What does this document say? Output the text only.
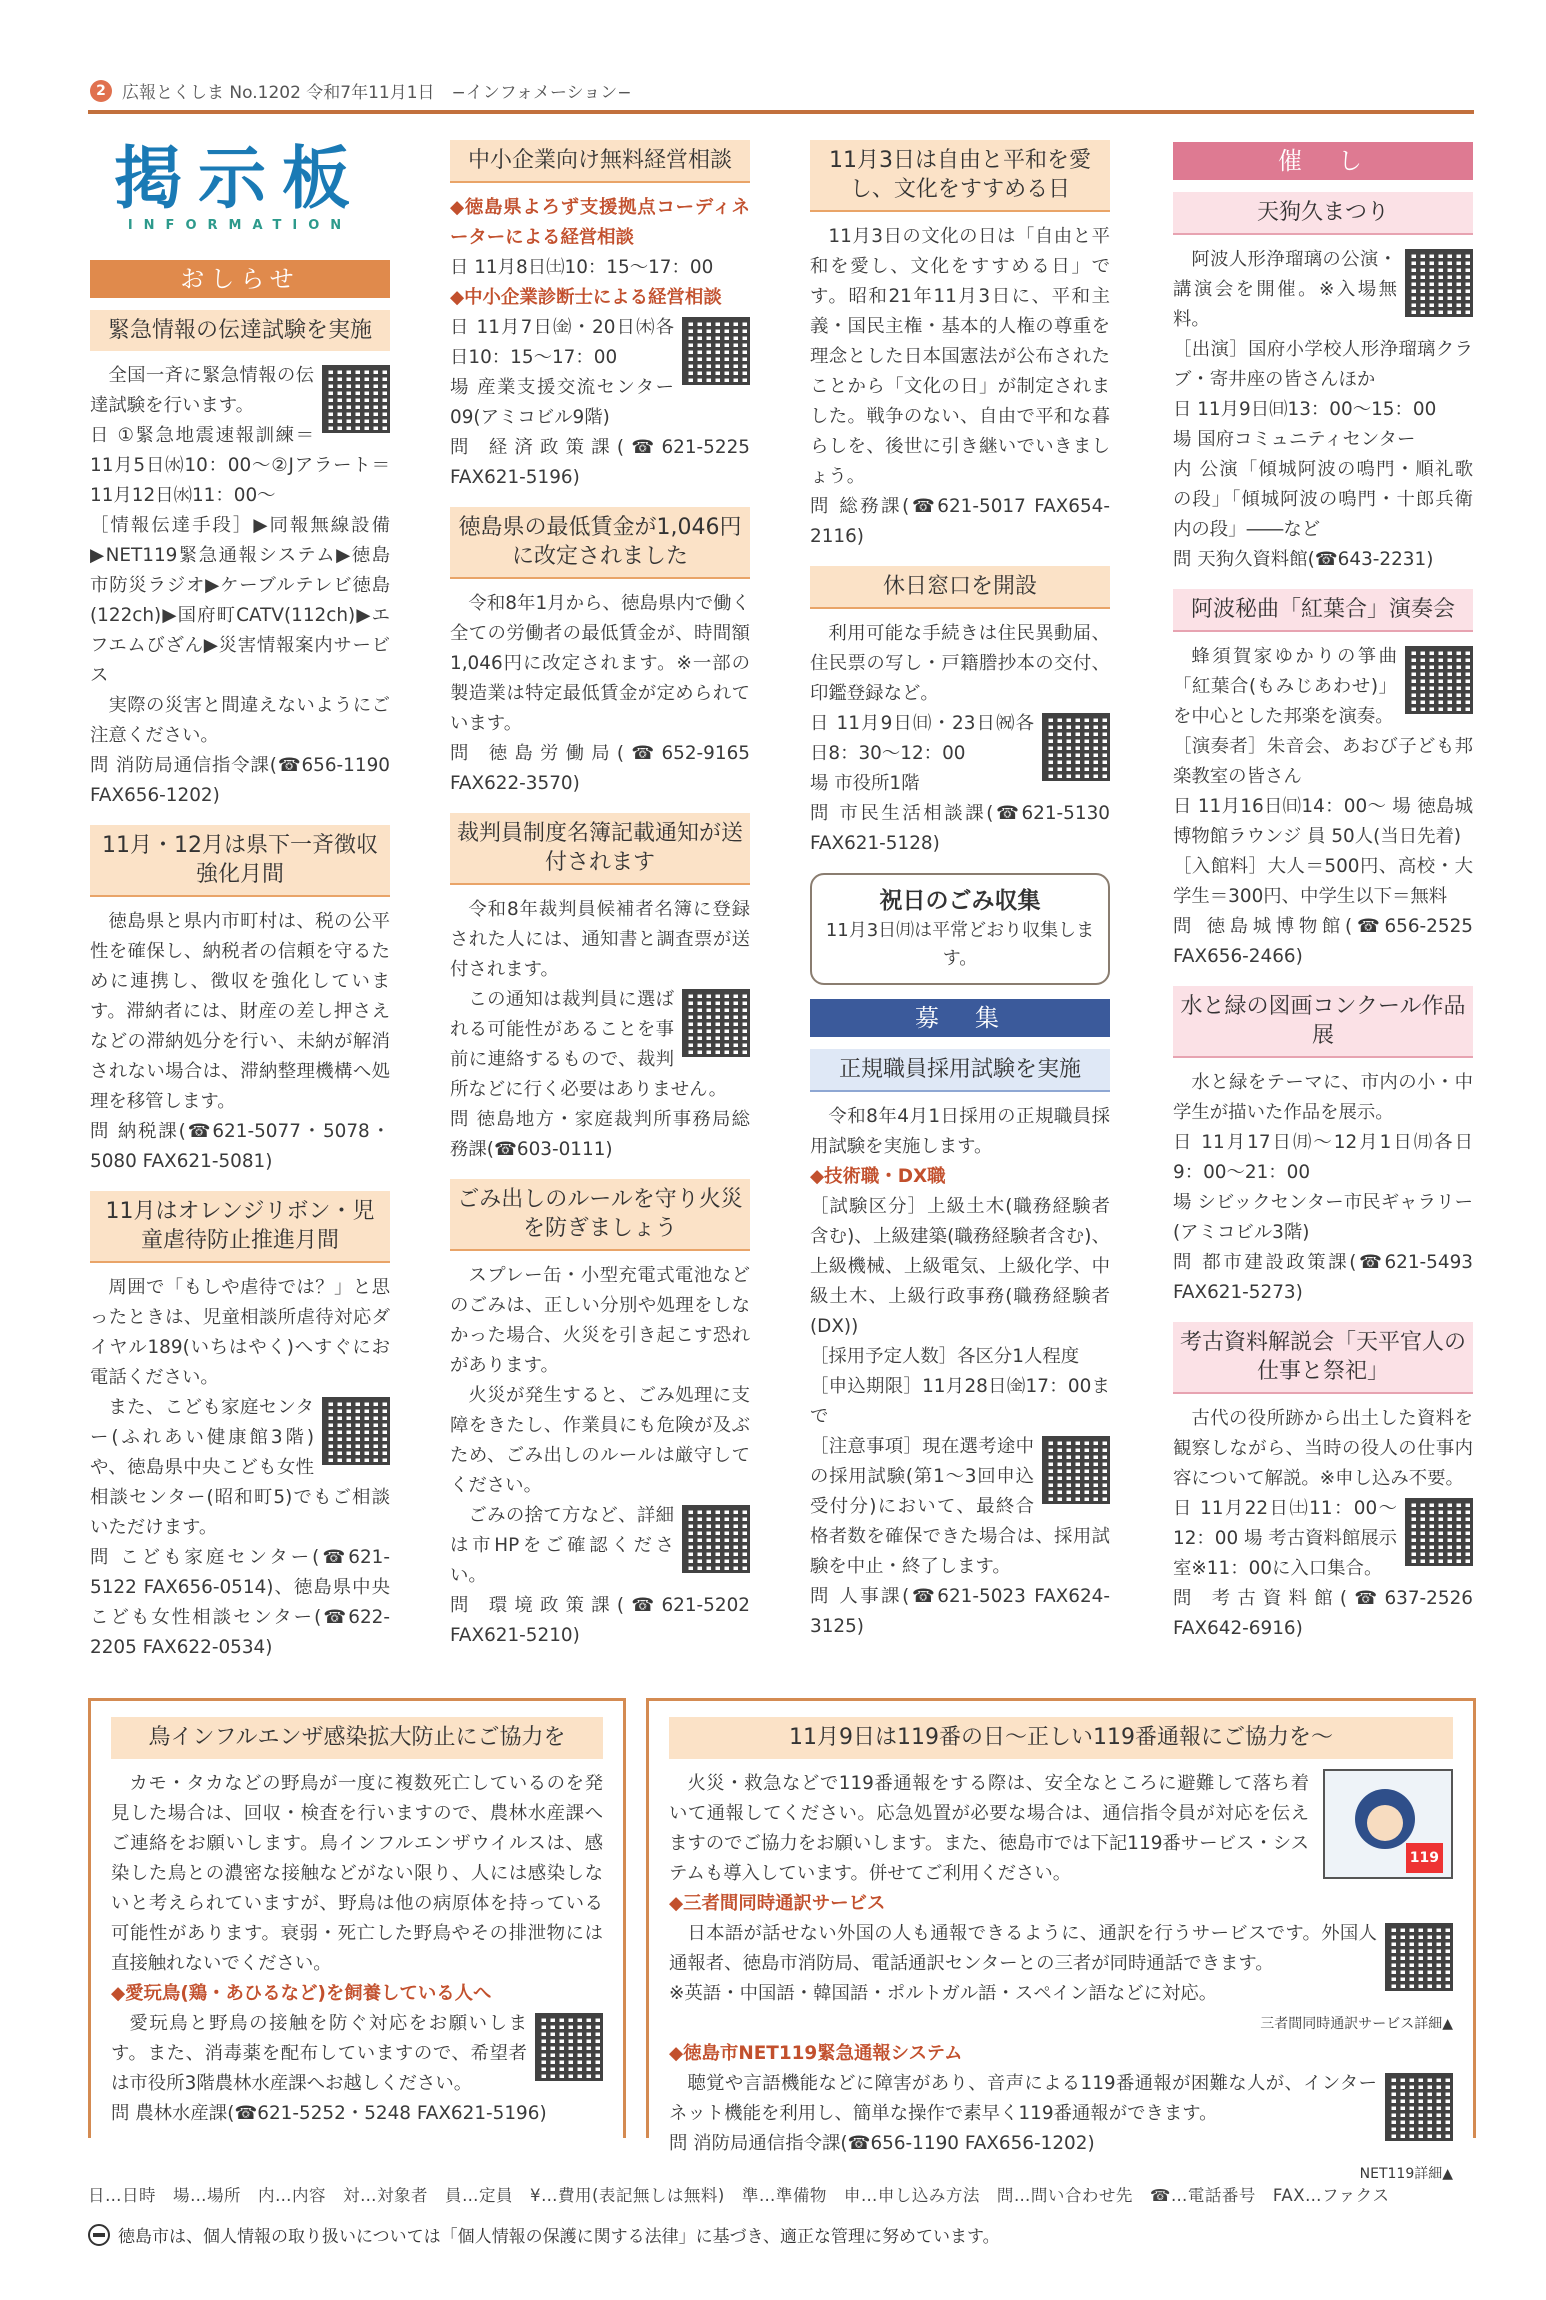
2 広報とくしま No.1202 令和7年11月1日　−インフォメーション−
掲示板
INFORMATION
おしらせ
緊急情報の伝達試験を実施

全国一斉に緊急情報の伝達試験を行います。

日 ①緊急地震速報訓練＝11月5日㈬10：00〜②Jアラート＝11月12日㈬11：00〜

［情報伝達手段］▶同報無線設備▶NET119緊急通報システム▶徳島市防災ラジオ▶ケーブルテレビ徳島(122ch)▶国府町CATV(112ch)▶エフエムびざん▶災害情報案内サービス

実際の災害と間違えないようにご注意ください。

問 消防局通信指令課(☎656-1190 FAX656-1202)

11月・12月は県下一斉徴収強化月間

徳島県と県内市町村は、税の公平性を確保し、納税者の信頼を守るために連携し、徴収を強化しています。滞納者には、財産の差し押さえなどの滞納処分を行い、未納が解消されない場合は、滞納整理機構へ処理を移管します。

問 納税課(☎621-5077・5078・5080 FAX621-5081)

11月はオレンジリボン・児童虐待防止推進月間

周囲で「もしや虐待では？」と思ったときは、児童相談所虐待対応ダイヤル189(いちはやく)へすぐにお電話ください。

また、こども家庭センター(ふれあい健康館3階)や、徳島県中央こども女性相談センター(昭和町5)でもご相談いただけます。

問 こども家庭センター(☎621-5122 FAX656-0514)、徳島県中央こども女性相談センター(☎622-2205 FAX622-0534)

中小企業向け無料経営相談

◆徳島県よろず支援拠点コーディネーターによる経営相談

日 11月8日㈯10：15〜17：00

◆中小企業診断士による経営相談

日 11月7日㈮・20日㈭各日10：15〜17：00

場 産業支援交流センター09(アミコビル9階)

問 経済政策課(☎621-5225 FAX621-5196)

徳島県の最低賃金が1,046円に改定されました

令和8年1月から、徳島県内で働く全ての労働者の最低賃金が、時間額1,046円に改定されます。※一部の製造業は特定最低賃金が定められています。

問 徳島労働局(☎652-9165 FAX622-3570)

裁判員制度名簿記載通知が送付されます

令和8年裁判員候補者名簿に登録された人には、通知書と調査票が送付されます。

この通知は裁判員に選ばれる可能性があることを事前に連絡するもので、裁判所などに行く必要はありません。

問 徳島地方・家庭裁判所事務局総務課(☎603-0111)

ごみ出しのルールを守り火災を防ぎましょう

スプレー缶・小型充電式電池などのごみは、正しい分別や処理をしなかった場合、火災を引き起こす恐れがあります。

火災が発生すると、ごみ処理に支障をきたし、作業員にも危険が及ぶため、ごみ出しのルールは厳守してください。

ごみの捨て方など、詳細は市HPをご確認ください。

問 環境政策課(☎621-5202 FAX621-5210)

11月3日は自由と平和を愛し、文化をすすめる日

11月3日の文化の日は「自由と平和を愛し、文化をすすめる日」です。昭和21年11月3日に、平和主義・国民主権・基本的人権の尊重を理念とした日本国憲法が公布されたことから「文化の日」が制定されました。戦争のない、自由で平和な暮らしを、後世に引き継いでいきましょう。

問 総務課(☎621-5017 FAX654-2116)

休日窓口を開設

利用可能な手続きは住民異動届、住民票の写し・戸籍謄抄本の交付、印鑑登録など。

日 11月9日㈰・23日㈷各日8：30〜12：00

場 市役所1階

問 市民生活相談課(☎621-5130 FAX621-5128)

祝日のごみ収集
11月3日㈪は平常どおり収集します。
募　集
正規職員採用試験を実施

令和8年4月1日採用の正規職員採用試験を実施します。

◆技術職・DX職

［試験区分］上級土木(職務経験者含む)、上級建築(職務経験者含む)、上級機械、上級電気、上級化学、中級土木、上級行政事務(職務経験者(DX))

［採用予定人数］各区分1人程度

［申込期限］11月28日㈮17：00まで

［注意事項］現在選考途中の採用試験(第1〜3回申込受付分)において、最終合格者数を確保できた場合は、採用試験を中止・終了します。

問 人事課(☎621-5023 FAX624-3125)

催　し
天狗久まつり

阿波人形浄瑠璃の公演・講演会を開催。※入場無料。

［出演］国府小学校人形浄瑠璃クラブ・寄井座の皆さんほか

日 11月9日㈰13：00〜15：00

場 国府コミュニティセンター

内 公演「傾城阿波の鳴門・順礼歌の段」「傾城阿波の鳴門・十郎兵衛内の段」――など

問 天狗久資料館(☎643-2231)

阿波秘曲「紅葉合」演奏会

蜂須賀家ゆかりの箏曲「紅葉合(もみじあわせ)」を中心とした邦楽を演奏。

［演奏者］朱音会、あおび子ども邦楽教室の皆さん

日 11月16日㈰14：00〜 場 徳島城博物館ラウンジ 員 50人(当日先着)

［入館料］大人＝500円、高校・大学生＝300円、中学生以下＝無料

問 徳島城博物館(☎656-2525 FAX656-2466)

水と緑の図画コンクール作品展

水と緑をテーマに、市内の小・中学生が描いた作品を展示。

日 11月17日㈪〜12月1日㈪各日9：00〜21：00

場 シビックセンター市民ギャラリー(アミコビル3階)

問 都市建設政策課(☎621-5493 FAX621-5273)

考古資料解説会「天平官人の仕事と祭祀」

古代の役所跡から出土した資料を観察しながら、当時の役人の仕事内容について解説。※申し込み不要。

日 11月22日㈯11：00〜12：00 場 考古資料館展示室※11：00に入口集合。

問 考古資料館(☎637-2526 FAX642-6916)

鳥インフルエンザ感染拡大防止にご協力を

カモ・タカなどの野鳥が一度に複数死亡しているのを発見した場合は、回収・検査を行いますので、農林水産課へご連絡をお願いします。鳥インフルエンザウイルスは、感染した鳥との濃密な接触などがない限り、人には感染しないと考えられていますが、野鳥は他の病原体を持っている可能性があります。衰弱・死亡した野鳥やその排泄物には直接触れないでください。

◆愛玩鳥(鶏・あひるなど)を飼養している人へ

愛玩鳥と野鳥の接触を防ぐ対応をお願いします。また、消毒薬を配布していますので、希望者は市役所3階農林水産課へお越しください。

問 農林水産課(☎621-5252・5248 FAX621-5196)

11月9日は119番の日〜正しい119番通報にご協力を〜
119

火災・救急などで119番通報をする際は、安全なところに避難して落ち着いて通報してください。応急処置が必要な場合は、通信指令員が対応を伝えますのでご協力をお願いします。また、徳島市では下記119番サービス・システムも導入しています。併せてご利用ください。

◆三者間同時通訳サービス

日本語が話せない外国の人も通報できるように、通訳を行うサービスです。外国人通報者、徳島市消防局、電話通訳センターとの三者が同時通話できます。

※英語・中国語・韓国語・ポルトガル語・スペイン語などに対応。

三者間同時通訳サービス詳細▲

◆徳島市NET119緊急通報システム

聴覚や言語機能などに障害があり、音声による119番通報が困難な人が、インターネット機能を利用し、簡単な操作で素早く119番通報ができます。

問 消防局通信指令課(☎656-1190 FAX656-1202)

NET119詳細▲
日…日時　場…場所　内…内容　対…対象者　員…定員　¥…費用(表記無しは無料)　準…準備物　申…申し込み方法　問…問い合わせ先　☎…電話番号　FAX…ファクス
徳島市は、個人情報の取り扱いについては「個人情報の保護に関する法律」に基づき、適正な管理に努めています。
